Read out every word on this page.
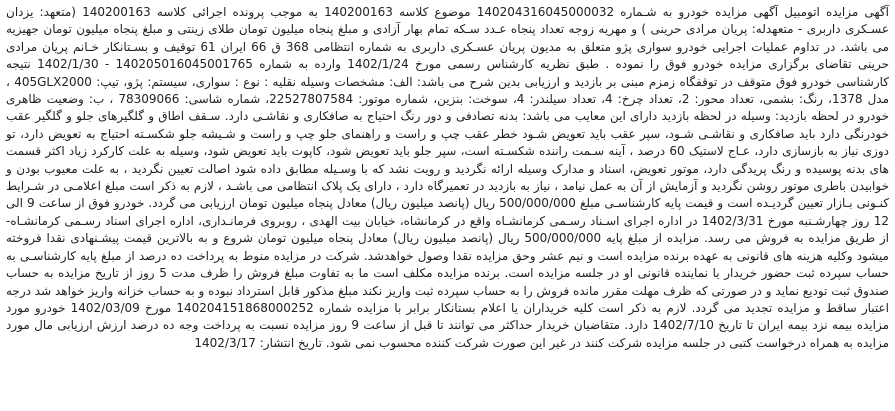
آگهی مزایده اتومبیل آگهی مزایده خودرو به شـماره 140204316045000032 موضوع کلاسه 140200163 به موجب پرونده اجرائی کلاسه 140200163 (متعهد: یزدان عسـکری داربری - متعهدله: پریان مرادی حرینی ) و مهریه زوجه تعداد پنجاه عـدد سـکه تمام بهار آزادی و مبلغ پنجاه میلیون تومان طلای زینتی و مبلغ پنجاه میلیون تومان جهیزیه می باشد. در تداوم عملیات اجرایی خودرو سواری پژو متعلق به مدیون پریان عسـکری داربری به شماره انتظامی 368 ق 66 ایران 61 توقیف و بسـتانکار خـانم پریان مرادی حرینی تقاضای برگزاری مزایده خودرو فوق را نموده . طبق نظریه کارشناس رسمی مورخ 1402/1/24 وارده به شماره 140205016045001765 - 1402/1/30 نتیجه کارشناسی خودرو فوق متوقف در توقفگاه زمزم مبنی بر بازدید و ارزیابی بدین شرح می باشد: الف: مشخصات وسیله نقلیه : نوع : سواری، سیستم: پژو، تیپ: 405GLX2000 ، مدل 1378، رنگ: بشمی، تعداد محور: 2، تعداد چرخ: 4، تعداد سیلندر: 4، سوخت: بنزین، شماره موتور: 22527807584، شماره شاسی: 78309066 ، ب: وضعیت ظاهری خودرو در لحظه بازدید: وسیله در لحظه بازدید دارای این معایب می باشد: بدنه تصادفی و دور رنگ احتیاج به صافکاری و نقاشـی دارد. سـقف اطاق و گلگیرهای جلو و گلگیر عقب خودرنگی دارد باید صافکاری و نقاشـی شـود، سپر عقب باید تعویض شـود خطر عقب چپ و راست و راهنمای جلو چپ و راست و شـیشه جلو شکسـته احتیاج به تعویض دارد، تو دوزی نیاز به بازسازی دارد، عـاج لاستیک 60 درصد ، آینه سـمت راننده شکسـته است، سپر جلو باید تعویض شود، کاپوت باید تعویض شود، وسیله به علت کارکرد زیاد اکثر قسمت های بدنه پوسیده و رنگ پریدگی دارد، موتور تعویض، اسناد و مدارک وسیله ارائه نگردید و رویت نشد که با وسـیله مطابق داده شود اصالت تعیین نگردید ، به علت معیوب بودن و خوابیدن باطری موتور روشن نگردید و آزمایش از آن به عمل نیامد ، نیاز به بازدید در تعمیرگاه دارد ، دارای یک پلاک انتظامی می باشـد ، لازم به ذکر است مبلغ اعلامـی در شـرایط کنـونی بـازار تعیین گردیـده است و قیمت پایه کارشناسـی مبلغ 500/000/000 ریال (پانصد میلیون ریال) معادل پنجاه میلیون تومان ارزیابی می گردد. خودرو فوق از ساعت 9 الی 12 روز چهارشـنبه مورخ 1402/3/31 در اداره اجرای اسـناد رسـمی کرمانشـاه واقع در کرمانشاه، خیابان بیت الهدی ، روبروی فرمانـداری، اداره اجرای اسناد رسـمی کرمانشـاه- از طریق مزایده به فروش می رسد. مزایده از مبلغ پایه 500/000/000 ریال (پانصد میلیون ریال) معادل پنجاه میلیون تومان شروع و به بالاترین قیمت پیشـنهادی نقدا فروخته میشود وکلیه هزینه های قانونی به عهده برنده مزایده است و نیم عشر وحق مزایده نقدا وصول خواهدشد. شرکت در مزایده منوط به پرداخت ده درصد از مبلغ پایه کارشناسـی به حساب سپرده ثبت حضور خریدار یا نماینده قانونی او در جلسه مزایده است. برنده مزایده مکلف است ما به تفاوت مبلغ فروش را ظرف مدت 5 روز از تاریخ مزایده به حساب صندوق ثبت تودیع نماید و در صورتی که ظرف مهلت مقرر مانده فروش را به حساب سپرده ثبت واریز نکند مبلغ مذکور قابل استرداد نبوده و به حساب خزانه واریز خواهد شد درجه اعتبار ساقط و مزایده تجدید می گردد. لازم به ذکر است کلیه خریداران یا اعلام بستانکار برابر با مزایده شماره 140204151868000252 مورخ 1402/03/09 خودرو مورد مزایده بیمه نزد بیمه ایران تا تاریخ 1402/7/10 دارد. متقاضیان خریدار حداکثر می توانند تا قبل از ساعت 9 روز مزایده نسبت به پرداخت وجه ده درصد ارزش ارزیابی مال مورد مزایده به همراه درخواست کتبی در جلسه مزایده شرکت کنند در غیر این صورت شرکت کننده محسوب نمی شود. تاریخ انتشار: 1402/3/17
